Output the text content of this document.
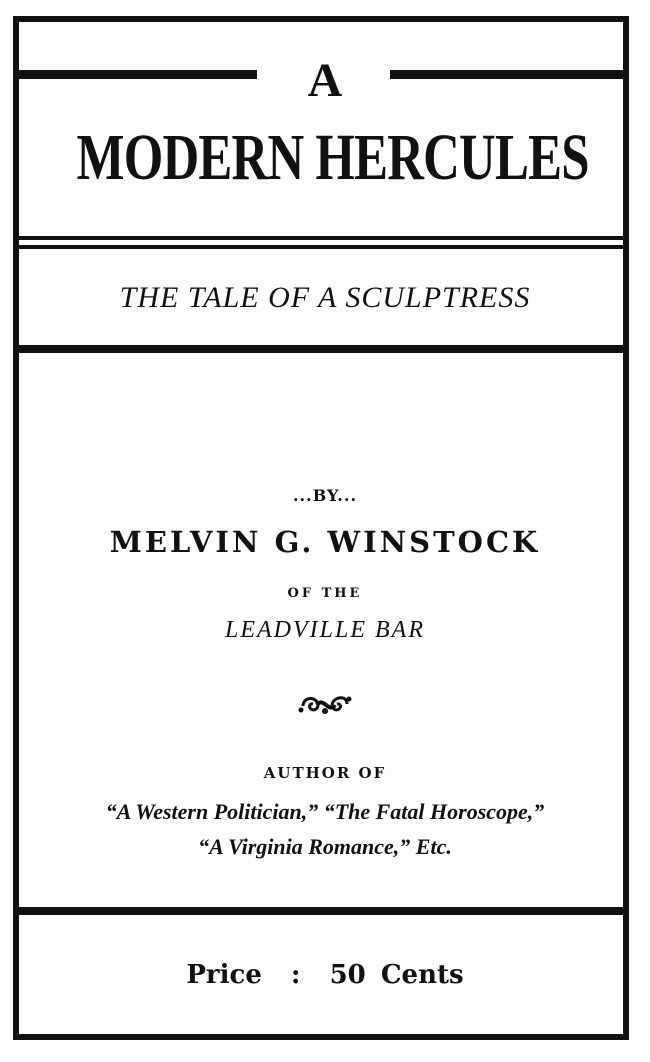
A
MODERN HERCULES
THE TALE OF A SCULPTRESS
...BY...
MELVIN G. WINSTOCK
OF THE
LEADVILLE BAR
AUTHOR OF
“A Western Politician,” “The Fatal Horoscope,”
“A Virginia Romance,” Etc.
Price : 50 Cents
